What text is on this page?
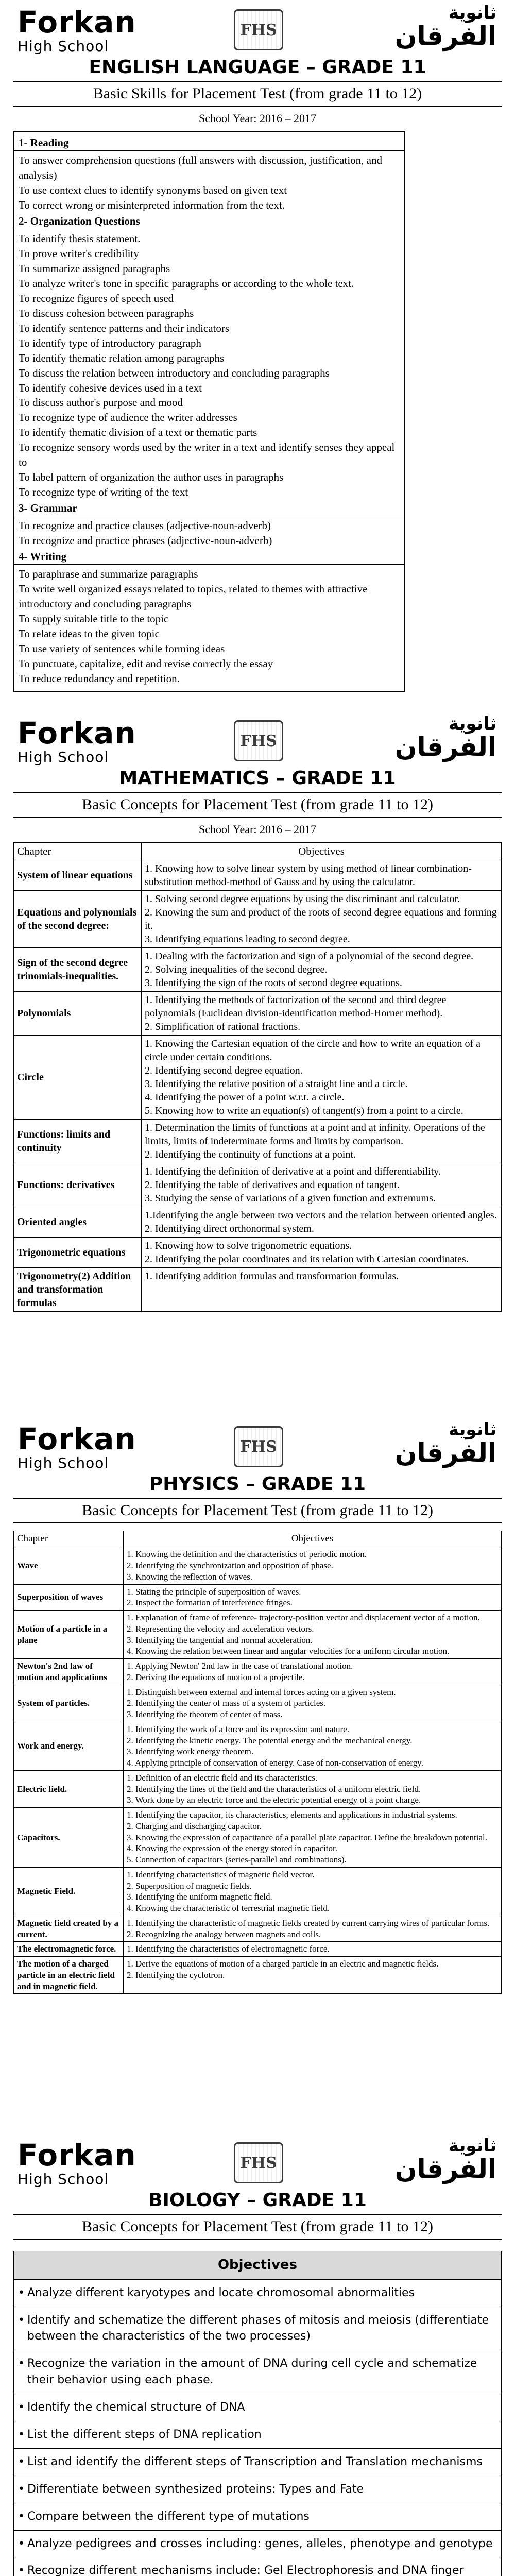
Forkan
High School
FHS
ثانوية
الفرقان
ENGLISH LANGUAGE – GRADE 11
Basic Skills for Placement Test (from grade 11 to 12)
School Year: 2016 – 2017
1- Reading
To answer comprehension questions (full answers with discussion, justification, and analysis)
To use context clues to identify synonyms based on given text
To correct wrong or misinterpreted information from the text.
2- Organization Questions
To identify thesis statement.
To prove writer's credibility
To summarize assigned paragraphs
To analyze writer's tone in specific paragraphs or according to the whole text.
To recognize figures of speech used
To discuss cohesion between paragraphs
To identify sentence patterns and their indicators
To identify type of introductory paragraph
To identify thematic relation among paragraphs
To discuss the relation between introductory and concluding paragraphs
To identify cohesive devices used in a text
To discuss author's purpose and mood
To recognize type of audience the writer addresses
To identify thematic division of a text or thematic parts
To recognize sensory words used by the writer in a text and identify senses they appeal to
To label pattern of organization the author uses in paragraphs
To recognize type of writing of the text
3- Grammar
To recognize and practice clauses (adjective-noun-adverb)
To recognize and practice phrases (adjective-noun-adverb)
4- Writing
To paraphrase and summarize paragraphs
To write well organized essays related to topics, related to themes with attractive introductory and concluding paragraphs
To supply suitable title to the topic
To relate ideas to the given topic
To use variety of sentences while forming ideas
To punctuate, capitalize, edit and revise correctly the essay
To reduce redundancy and repetition.
Forkan
High School
FHS
ثانوية
الفرقان
MATHEMATICS – GRADE 11
Basic Concepts for Placement Test (from grade 11 to 12)
School Year: 2016 – 2017
Chapter	Objectives
System of linear equations	1. Knowing how to solve linear system by using method of linear combination-substitution method-method of Gauss and by using the calculator.

Equations and polynomials of the second degree:	1. Solving second degree equations by using the discriminant and calculator.
2. Knowing the sum and product of the roots of second degree equations and forming it.
3. Identifying equations leading to second degree.

Sign of the second degree trinomials-inequalities.	1. Dealing with the factorization and sign of a polynomial of the second degree.
2. Solving inequalities of the second degree.
3. Identifying the sign of the roots of second degree equations.

Polynomials	1. Identifying the methods of factorization of the second and third degree polynomials (Euclidean division-identification method-Horner method).
2. Simplification of rational fractions.

Circle	1. Knowing the Cartesian equation of the circle and how to write an equation of a circle under certain conditions.
2. Identifying second degree equation.
3. Identifying the relative position of a straight line and a circle.
4. Identifying the power of a point w.r.t. a circle.
5. Knowing how to write an equation(s) of tangent(s) from a point to a circle.

Functions: limits and continuity	1. Determination the limits of functions at a point and at infinity. Operations of the limits, limits of indeterminate forms and limits by comparison.
2. Identifying the continuity of functions at a point.

Functions: derivatives	1. Identifying the definition of derivative at a point and differentiability.
2. Identifying the table of derivatives and equation of tangent.
3. Studying the sense of variations of a given function and extremums.

Oriented angles	1.Identifying the angle between two vectors and the relation between oriented angles.
2. Identifying direct orthonormal system.

Trigonometric equations	1. Knowing how to solve trigonometric equations.
2. Identifying the polar coordinates and its relation with Cartesian coordinates.

Trigonometry(2) Addition and transformation formulas	1. Identifying addition formulas and transformation formulas.
Forkan
High School
FHS
ثانوية
الفرقان
PHYSICS – GRADE 11
Basic Concepts for Placement Test (from grade 11 to 12)
Chapter	Objectives
Wave	1. Knowing the definition and the characteristics of periodic motion.
2. Identifying the synchronization and opposition of phase.
3. Knowing the reflection of waves.

Superposition of waves	1. Stating the principle of superposition of waves.
2. Inspect the formation of interference fringes.

Motion of a particle in a plane	1. Explanation of frame of reference- trajectory-position vector and displacement vector of a motion.
2. Representing the velocity and acceleration vectors.
3. Identifying the tangential and normal acceleration.
4. Knowing the relation between linear and angular velocities for a uniform circular motion.

Newton's 2nd law of motion and applications	1. Applying Newton' 2nd law in the case of translational motion.
2. Deriving the equations of motion of a projectile.

System of particles.	1. Distinguish between external and internal forces acting on a given system.
2. Identifying the center of mass of a system of particles.
3. Identifying the theorem of center of mass.

Work and energy.	1. Identifying the work of a force and its expression and nature.
2. Identifying the kinetic energy. The potential energy and the mechanical energy.
3. Identifying work energy theorem.
4. Applying principle of conservation of energy. Case of non-conservation of energy.

Electric field.	1. Definition of an electric field and its characteristics.
2. Identifying the lines of the field and the characteristics of a uniform electric field.
3. Work done by an electric force and the electric potential energy of a point charge.

Capacitors.	1. Identifying the capacitor, its characteristics, elements and applications in industrial systems.
2. Charging and discharging capacitor.
3. Knowing the expression of capacitance of a parallel plate capacitor. Define the breakdown potential.
4. Knowing the expression of the energy stored in capacitor.
5. Connection of capacitors (series-parallel and combinations).

Magnetic Field.	1. Identifying characteristics of magnetic field vector.
2. Superposition of magnetic fields.
3. Identifying the uniform magnetic field.
4. Knowing the characteristic of terrestrial magnetic field.

Magnetic field created by a current.	1. Identifying the characteristic of magnetic fields created by current carrying wires of particular forms.
2. Recognizing the analogy between magnets and coils.

The electromagnetic force.	1. Identifying the characteristics of electromagnetic force.

The motion of a charged particle in an electric field and in magnetic field.	1. Derive the equations of motion of a charged particle in an electric and magnetic fields.
2. Identifying the cyclotron.
Forkan
High School
FHS
ثانوية
الفرقان
BIOLOGY – GRADE 11
Basic Concepts for Placement Test (from grade 11 to 12)
Objectives
• Analyze different karyotypes and locate chromosomal abnormalities
• Identify and schematize the different phases of mitosis and meiosis (differentiate between the characteristics of the two processes)
• Recognize the variation in the amount of DNA during cell cycle and schematize their behavior using each phase.
• Identify the chemical structure of DNA
• List the different steps of DNA replication
• List and identify the different steps of Transcription and Translation mechanisms
• Differentiate between synthesized proteins: Types and Fate
• Compare between the different type of mutations
• Analyze pedigrees and crosses including: genes, alleles, phenotype and genotype
• Recognize different mechanisms include: Gel Electrophoresis and DNA finger
